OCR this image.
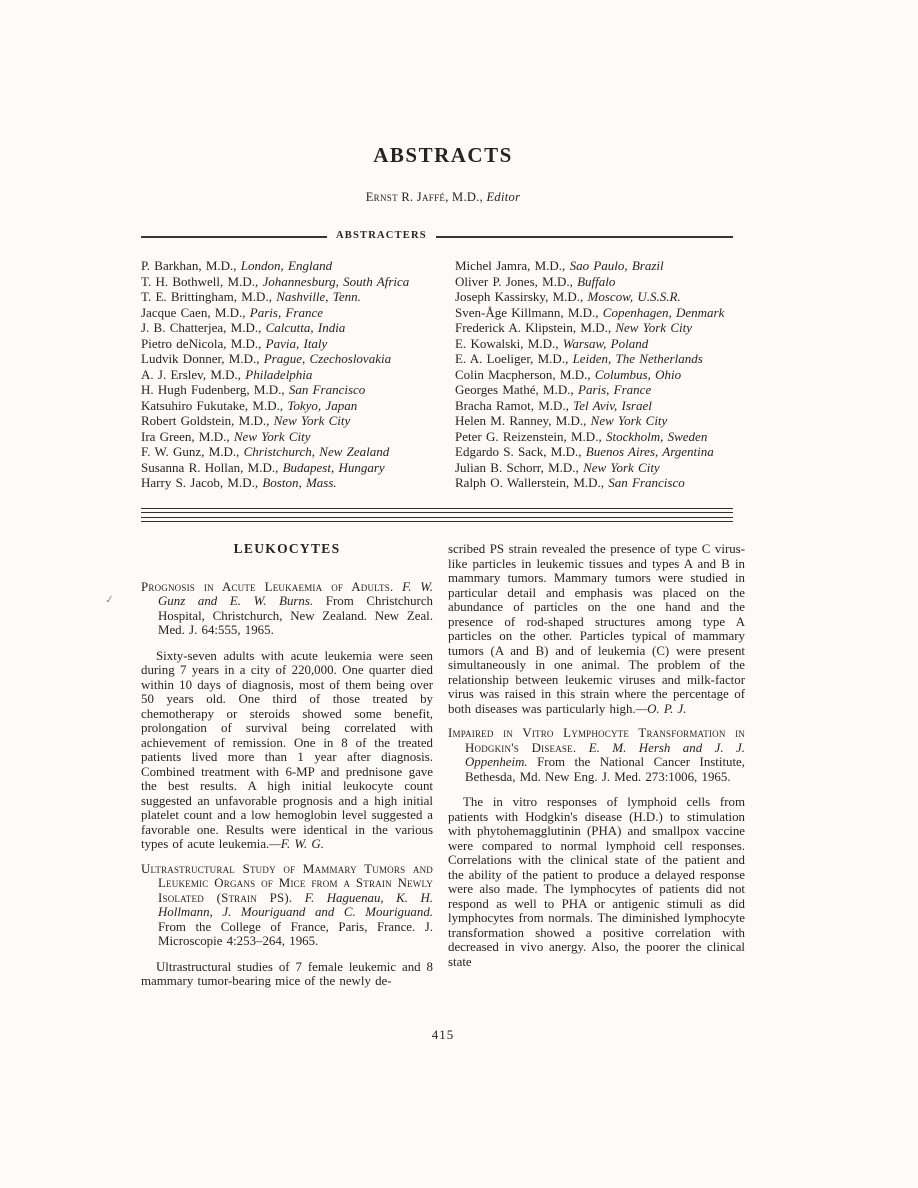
ABSTRACTS
Ernst R. Jaffé, M.D., Editor
ABSTRACTERS

P. Barkhan, M.D., London, England

T. H. Bothwell, M.D., Johannesburg, South Africa

T. E. Brittingham, M.D., Nashville, Tenn.

Jacque Caen, M.D., Paris, France

J. B. Chatterjea, M.D., Calcutta, India

Pietro deNicola, M.D., Pavia, Italy

Ludvik Donner, M.D., Prague, Czechoslovakia

A. J. Erslev, M.D., Philadelphia

H. Hugh Fudenberg, M.D., San Francisco

Katsuhiro Fukutake, M.D., Tokyo, Japan

Robert Goldstein, M.D., New York City

Ira Green, M.D., New York City

F. W. Gunz, M.D., Christchurch, New Zealand

Susanna R. Hollan, M.D., Budapest, Hungary

Harry S. Jacob, M.D., Boston, Mass.

Michel Jamra, M.D., Sao Paulo, Brazil

Oliver P. Jones, M.D., Buffalo

Joseph Kassirsky, M.D., Moscow, U.S.S.R.

Sven-Åge Killmann, M.D., Copenhagen, Denmark

Frederick A. Klipstein, M.D., New York City

E. Kowalski, M.D., Warsaw, Poland

E. A. Loeliger, M.D., Leiden, The Netherlands

Colin Macpherson, M.D., Columbus, Ohio

Georges Mathé, M.D., Paris, France

Bracha Ramot, M.D., Tel Aviv, Israel

Helen M. Ranney, M.D., New York City

Peter G. Reizenstein, M.D., Stockholm, Sweden

Edgardo S. Sack, M.D., Buenos Aires, Argentina

Julian B. Schorr, M.D., New York City

Ralph O. Wallerstein, M.D., San Francisco

✓
LEUKOCYTES

Prognosis in Acute Leukaemia of Adults. F. W. Gunz and E. W. Burns. From Christchurch Hospital, Christchurch, New Zealand. New Zeal. Med. J. 64:555, 1965.

Sixty-seven adults with acute leukemia were seen during 7 years in a city of 220,000. One quarter died within 10 days of diagnosis, most of them being over 50 years old. One third of those treated by chemotherapy or steroids showed some benefit, prolongation of survival being correlated with achievement of remission. One in 8 of the treated patients lived more than 1 year after diagnosis. Combined treatment with 6-MP and prednisone gave the best results. A high initial leukocyte count suggested an unfavorable prognosis and a high initial platelet count and a low hemoglobin level suggested a favorable one. Results were identical in the various types of acute leukemia.—F. W. G.

Ultrastructural Study of Mammary Tumors and Leukemic Organs of Mice from a Strain Newly Isolated (Strain PS). F. Haguenau, K. H. Hollmann, J. Mouriguand and C. Mouriguand. From the College of France, Paris, France. J. Microscopie 4:253–264, 1965.

Ultrastructural studies of 7 female leukemic and 8 mammary tumor-bearing mice of the newly de-

scribed PS strain revealed the presence of type C virus-like particles in leukemic tissues and types A and B in mammary tumors. Mammary tumors were studied in particular detail and emphasis was placed on the abundance of particles on the one hand and the presence of rod-shaped structures among type A particles on the other. Particles typical of mammary tumors (A and B) and of leukemia (C) were present simultaneously in one animal. The problem of the relationship between leukemic viruses and milk-factor virus was raised in this strain where the percentage of both diseases was particularly high.—O. P. J.

Impaired in Vitro Lymphocyte Transformation in Hodgkin's Disease. E. M. Hersh and J. J. Oppenheim. From the National Cancer Institute, Bethesda, Md. New Eng. J. Med. 273:1006, 1965.

The in vitro responses of lymphoid cells from patients with Hodgkin's disease (H.D.) to stimulation with phytohemagglutinin (PHA) and smallpox vaccine were compared to normal lymphoid cell responses. Correlations with the clinical state of the patient and the ability of the patient to produce a delayed response were also made. The lymphocytes of patients did not respond as well to PHA or antigenic stimuli as did lymphocytes from normals. The diminished lymphocyte transformation showed a positive correlation with decreased in vivo anergy. Also, the poorer the clinical state

415
